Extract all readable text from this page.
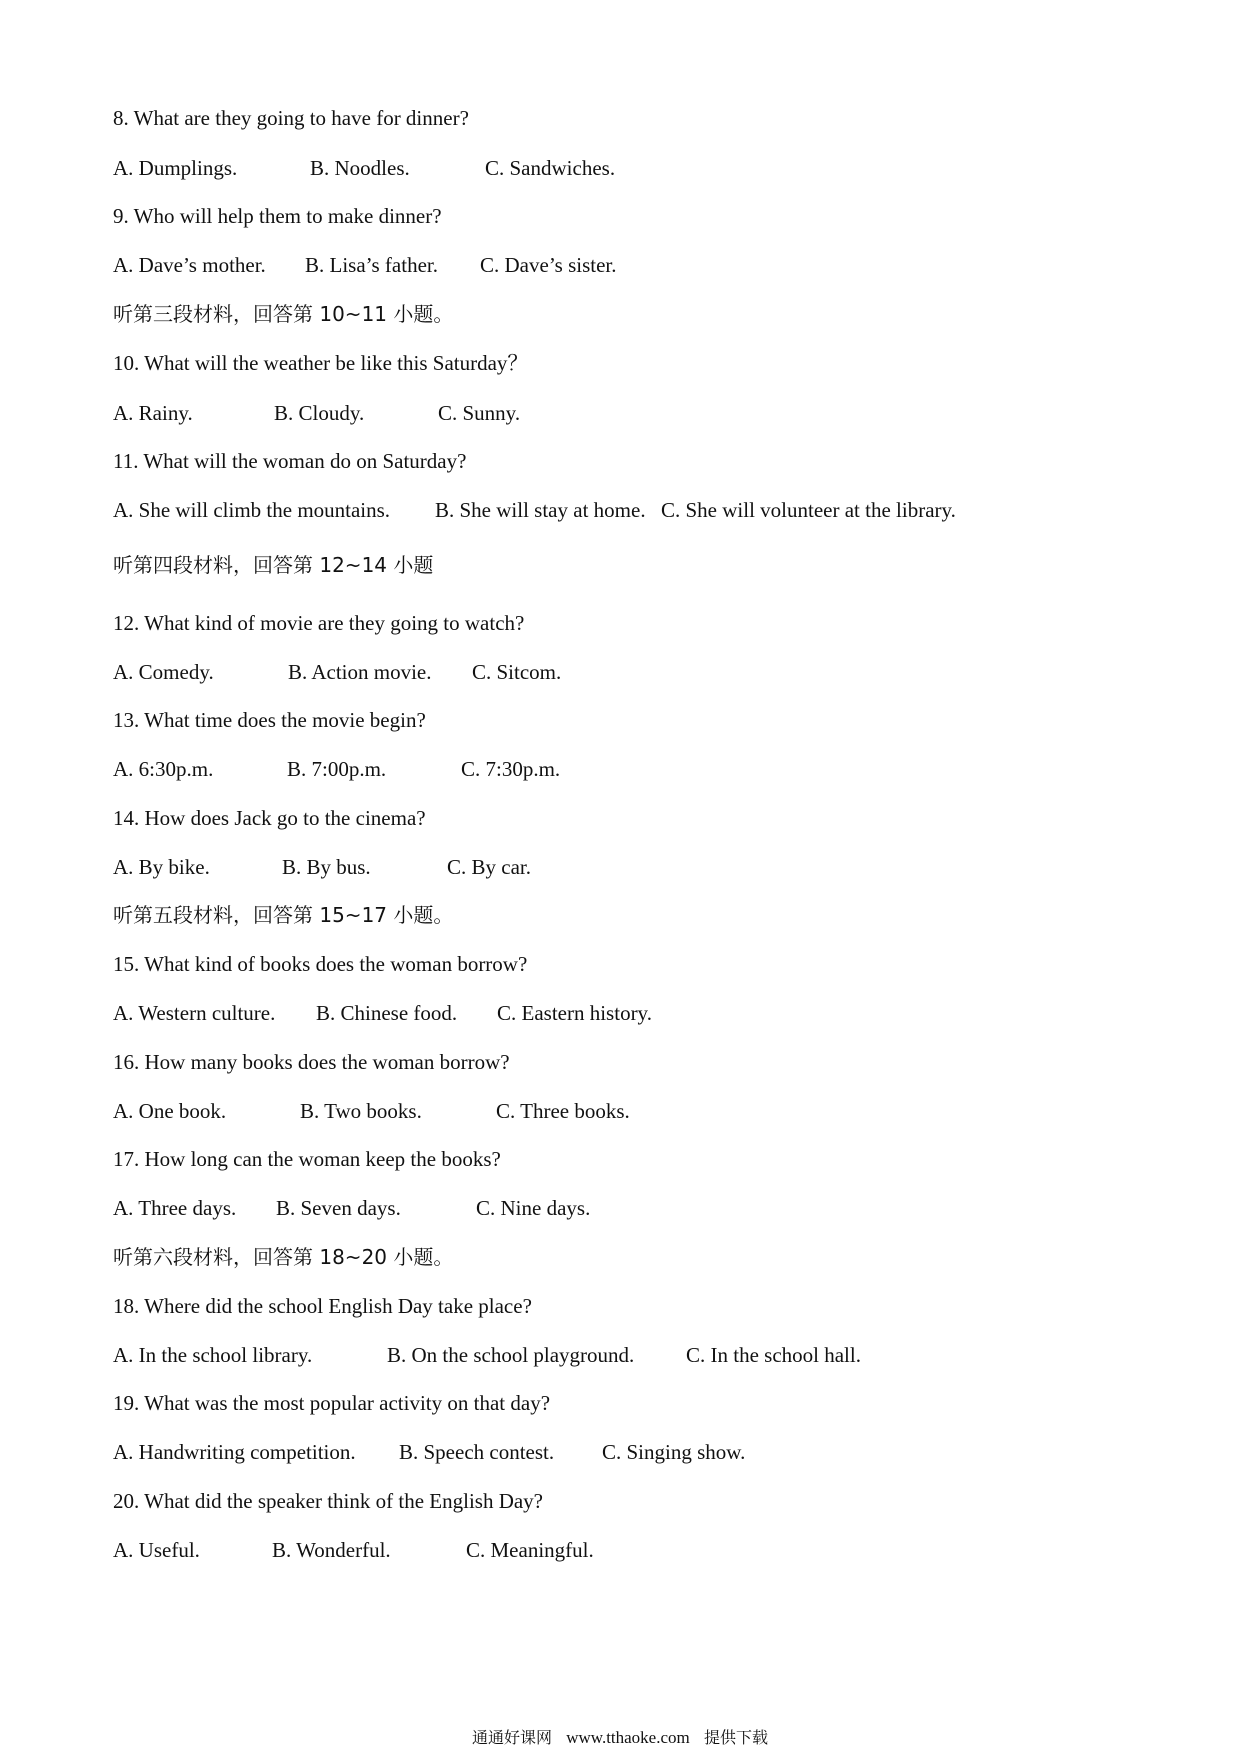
8. What are they going to have for dinner?
A. Dumplings.	B. Noodles.	C. Sandwiches.
9. Who will help them to make dinner?
A. Dave’s mother. B. Lisa’s father. C. Dave’s sister.
听第三段材料，回答第 10~11 小题。
10. What will the weather be like this Saturday？
A. Rainy.	B. Cloudy.	C. Sunny.
11. What will the woman do on Saturday?
A. She will climb the mountains. B. She will stay at home. C. She will volunteer at the library.
听第四段材料，回答第 12~14 小题
12. What kind of movie are they going to watch?
A. Comedy.	B. Action movie. C. Sitcom.
13. What time does the movie begin?
A. 6:30p.m.	B. 7:00p.m.	C. 7:30p.m.
14. How does Jack go to the cinema?
A. By bike.	B. By bus.	C. By car.
听第五段材料，回答第 15~17 小题。
15. What kind of books does the woman borrow?
A. Western culture. B. Chinese food. C. Eastern history.
16. How many books does the woman borrow?
A. One book.	B. Two books.	C. Three books.
17. How long can the woman keep the books?
A. Three days. B. Seven days.	C. Nine days.
听第六段材料，回答第 18~20 小题。
18. Where did the school English Day take place?
A. In the school library.	B. On the school playground. C. In the school hall.
19. What was the most popular activity on that day?
A. Handwriting competition. B. Speech contest. C. Singing show.
20. What did the speaker think of the English Day?
A. Useful.	B. Wonderful.	C. Meaningful.
通通好课网 www.tthaoke.com 提供下载
